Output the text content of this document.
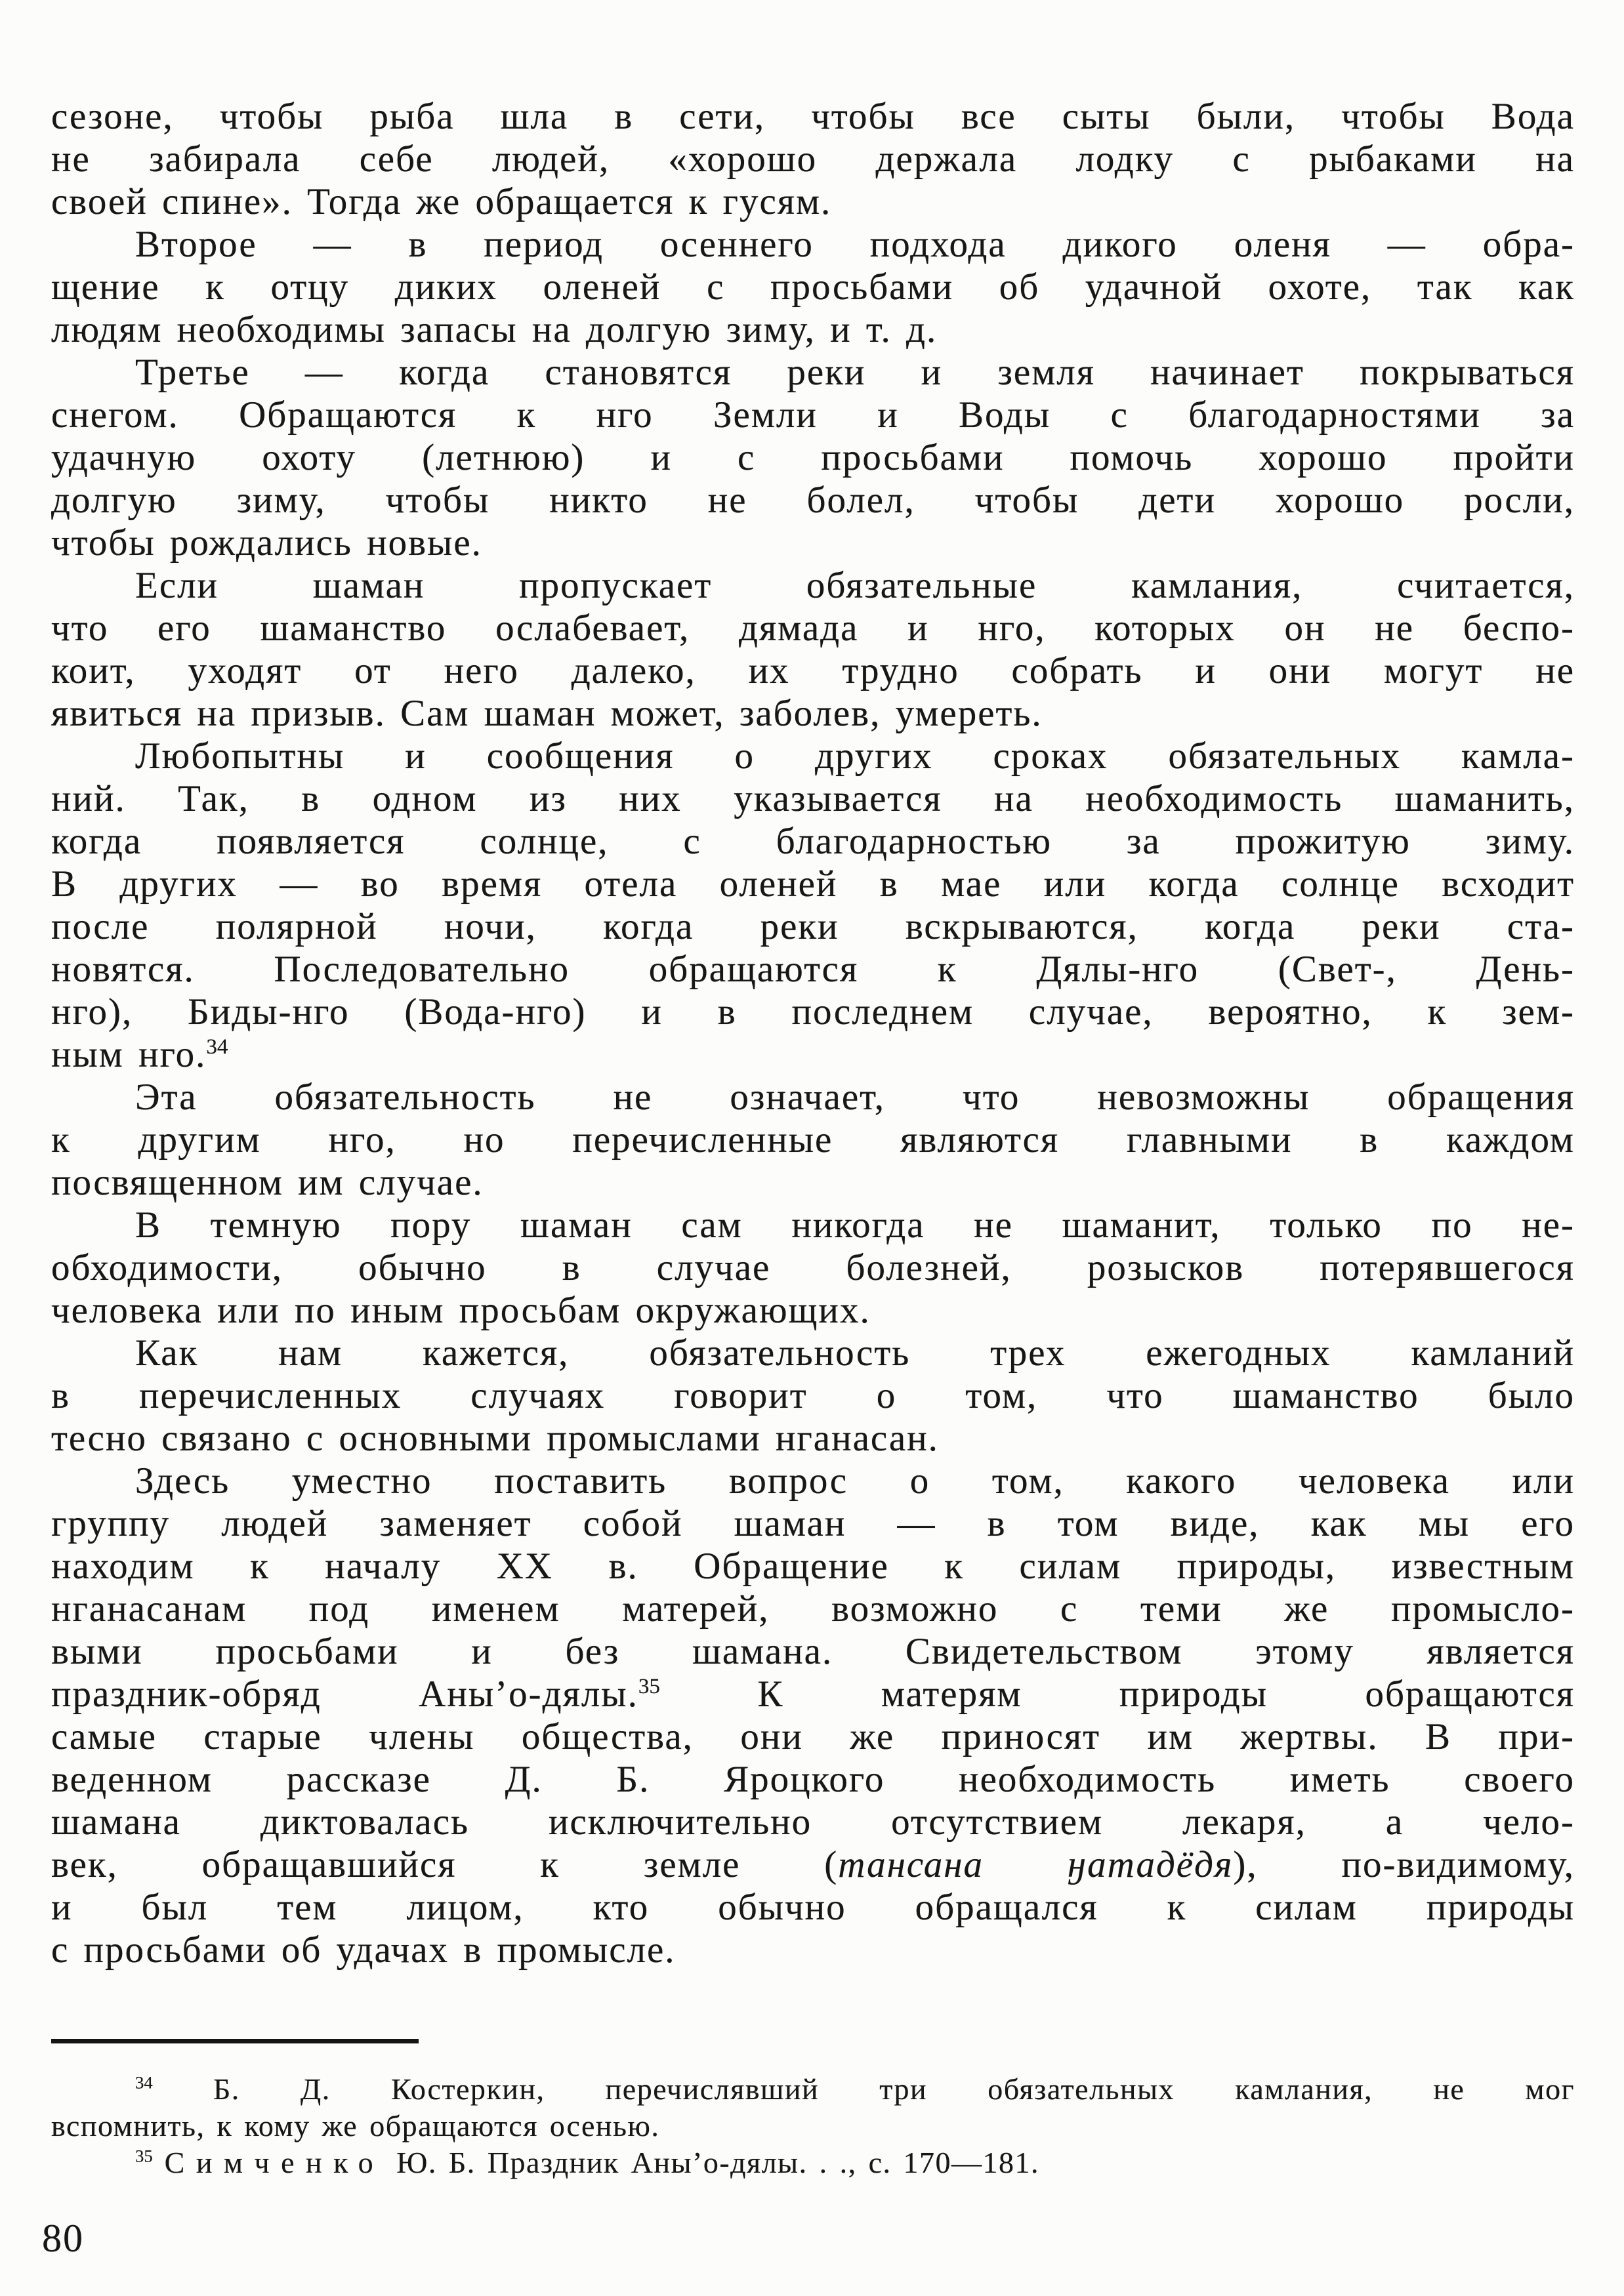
сезоне, чтобы рыба шла в сети, чтобы все сыты были, чтобы Вода
не забирала себе людей, «хорошо держала лодку с рыбаками на
своей спине». Тогда же обращается к гусям.
Второе — в период осеннего подхода дикого оленя — обра-
щение к отцу диких оленей с просьбами об удачной охоте, так как
людям необходимы запасы на долгую зиму, и т. д.
Третье — когда становятся реки и земля начинает покрываться
снегом. Обращаются к нго Земли и Воды с благодарностями за
удачную охоту (летнюю) и с просьбами помочь хорошо пройти
долгую зиму, чтобы никто не болел, чтобы дети хорошо росли,
чтобы рождались новые.
Если шаман пропускает обязательные камлания, считается,
что его шаманство ослабевает, дямада и нго, которых он не беспо-
коит, уходят от него далеко, их трудно собрать и они могут не
явиться на призыв. Сам шаман может, заболев, умереть.
Любопытны и сообщения о других сроках обязательных камла-
ний. Так, в одном из них указывается на необходимость шаманить,
когда появляется солнце, с благодарностью за прожитую зиму.
В других — во время отела оленей в мае или когда солнце всходит
после полярной ночи, когда реки вскрываются, когда реки ста-
новятся. Последовательно обращаются к Дялы-нго (Свет-, День-
нго), Биды-нго (Вода-нго) и в последнем случае, вероятно, к зем-
ным нго.$^{34}$
Эта обязательность не означает, что невозможны обращения
к другим нго, но перечисленные являются главными в каждом
посвященном им случае.
В темную пору шаман сам никогда не шаманит, только по не-
обходимости, обычно в случае болезней, розысков потерявшегося
человека или по иным просьбам окружающих.
Как нам кажется, обязательность трех ежегодных камланий
в перечисленных случаях говорит о том, что шаманство было
тесно связано с основными промыслами нганасан.
Здесь уместно поставить вопрос о том, какого человека или
группу людей заменяет собой шаман — в том виде, как мы его
находим к началу XX в. Обращение к силам природы, известным
нганасанам под именем матерей, возможно с теми же промысло-
выми просьбами и без шамана. Свидетельством этому является
праздник-обряд Аны’о-дялы.$^{35}$ К матерям природы обращаются
самые старые члены общества, они же приносят им жертвы. В при-
веденном рассказе Д. Б. Яроцкого необходимость иметь своего
шамана диктовалась исключительно отсутствием лекаря, а чело-
век, обращавшийся к земле (тансана ӈатадёдя), по-видимому,
и был тем лицом, кто обычно обращался к силам природы
с просьбами об удачах в промысле.
$^{34}$ Б. Д. Костеркин, перечислявший три обязательных камлания, не мог
вспомнить, к кому же обращаются осенью.
$^{35}$ Симченко Ю. Б. Праздник Аны’о-дялы. . ., с. 170—181.
80
